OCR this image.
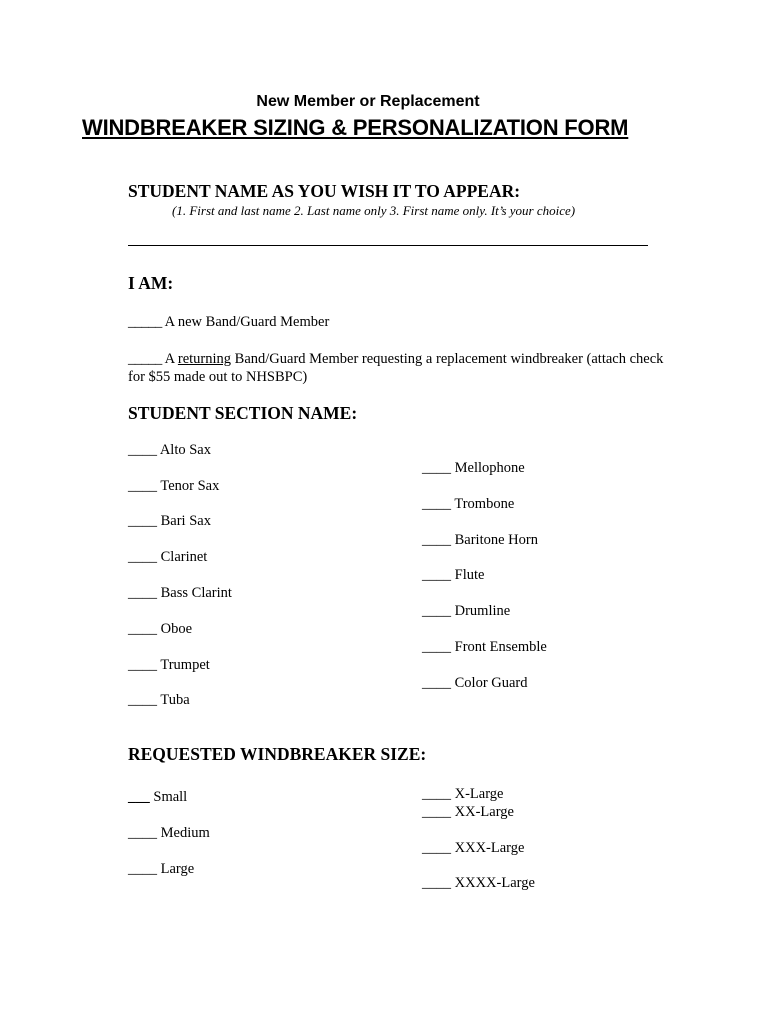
New Member or Replacement
WINDBREAKER SIZING & PERSONALIZATION FORM
STUDENT NAME AS YOU WISH IT TO APPEAR:
(1. First and last name 2. Last name only 3. First name only. It’s your choice)
I AM:
_____ A new Band/Guard Member
_____ A returning Band/Guard Member requesting a replacement windbreaker (attach check for $55 made out to NHSBPC)
STUDENT SECTION NAME:
____ Alto Sax
____ Tenor Sax
____ Bari Sax
____ Clarinet
____ Bass Clarint
____ Oboe
____ Trumpet
____ Tuba
____ Mellophone
____ Trombone
____ Baritone Horn
____ Flute
____ Drumline
____ Front Ensemble
____ Color Guard
REQUESTED WINDBREAKER SIZE:
___ Small
____ Medium
____ Large
____ X-Large
____ XX-Large
____ XXX-Large
____ XXXX-Large
